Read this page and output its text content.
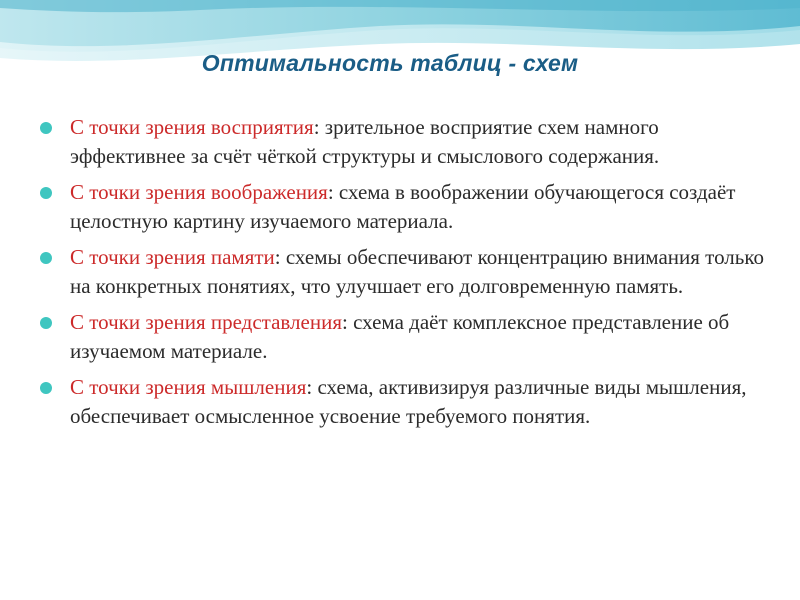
Оптимальность таблиц - схем
С точки зрения восприятия: зрительное восприятие схем намного эффективнее за счёт чёткой структуры и смыслового содержания.
С точки зрения воображения: схема в воображении обучающегося создаёт целостную картину изучаемого материала.
С точки зрения памяти: схемы обеспечивают концентрацию внимания только на конкретных понятиях, что улучшает его долговременную память.
С точки зрения представления: схема даёт комплексное представление об изучаемом материале.
С точки зрения мышления: схема, активизируя различные виды мышления, обеспечивает осмысленное усвоение требуемого понятия.
